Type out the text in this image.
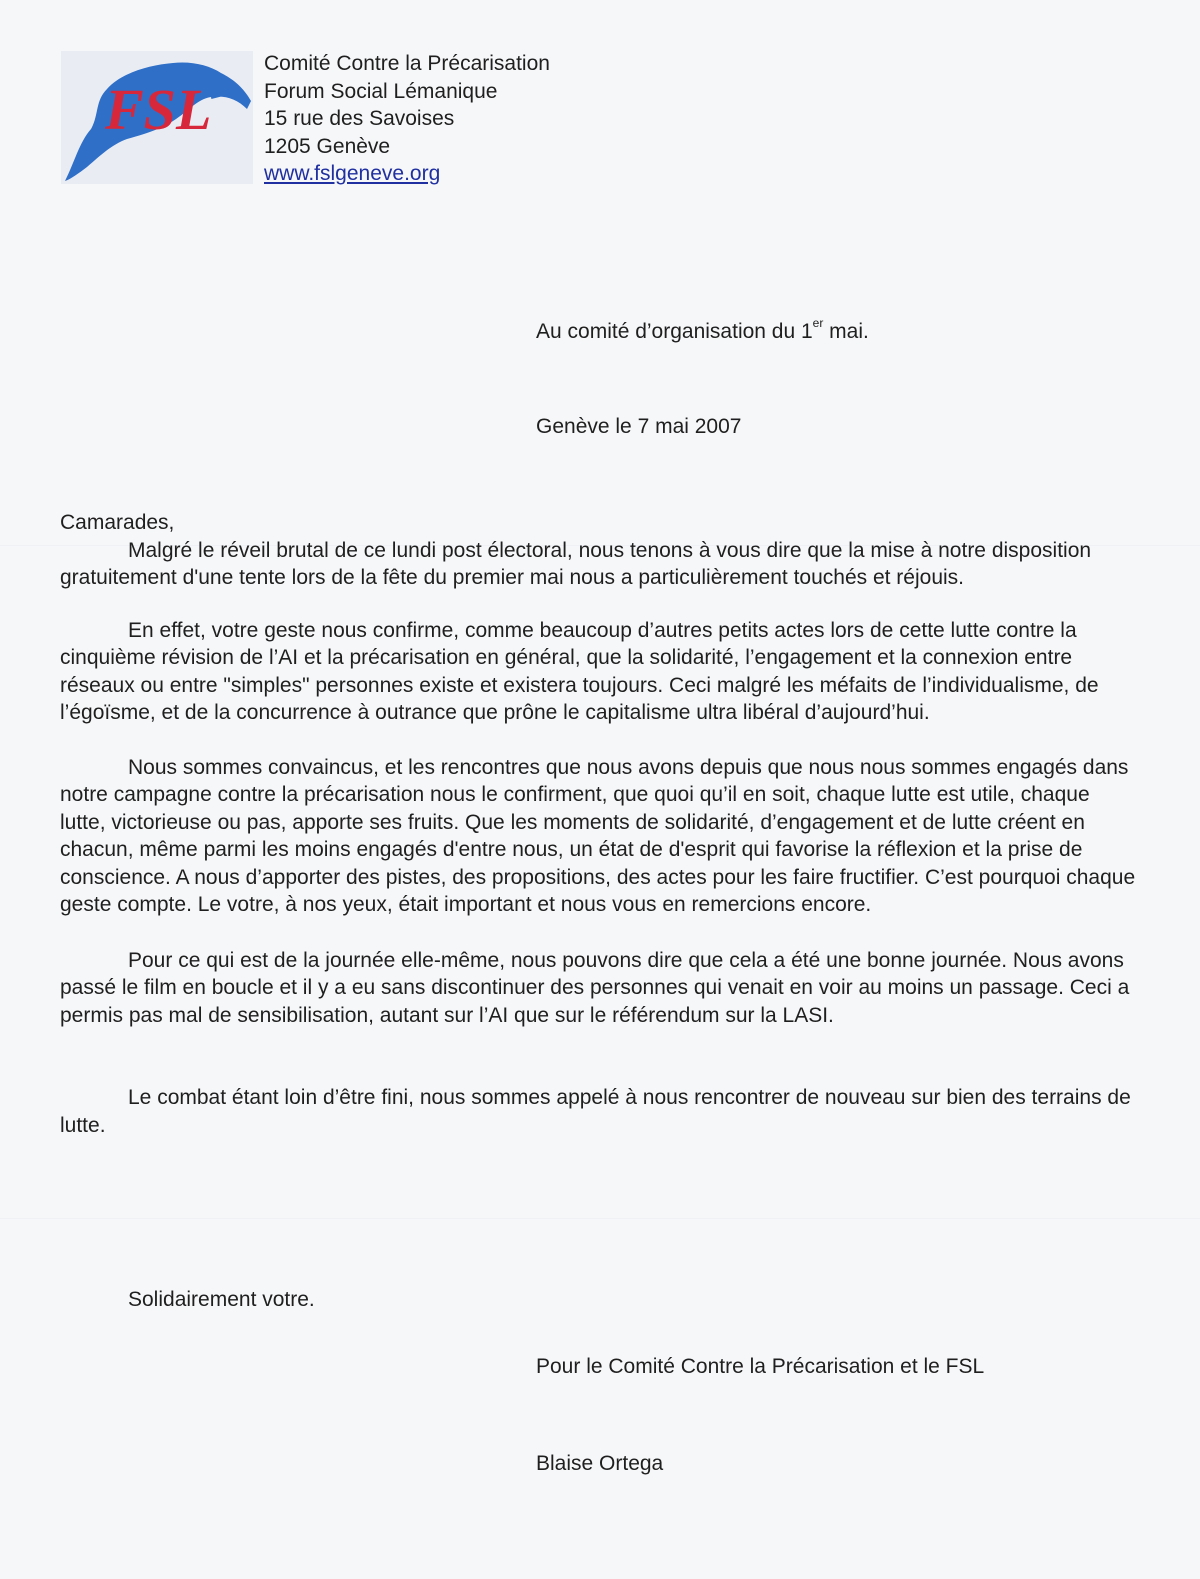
FSL
Comité Contre la Précarisation
Forum Social Lémanique
15 rue des Savoises
1205 Genève
www.fslgeneve.org
Au comité d’organisation du 1er mai.
Genève le 7 mai 2007

Camarades,

Malgré le réveil brutal de ce lundi post électoral, nous tenons à vous dire que la mise à notre disposition gratuitement d'une tente lors de la fête du premier mai nous a particulièrement touchés et réjouis.

En effet, votre geste nous confirme, comme beaucoup d’autres petits actes lors de cette lutte contre la cinquième révision de l’AI et la précarisation en général, que la solidarité, l’engagement et la connexion entre réseaux ou entre "simples" personnes existe et existera toujours. Ceci malgré les méfaits de l’individualisme, de l’égoïsme, et de la concurrence à outrance que prône le capitalisme ultra libéral d’aujourd’hui.

Nous sommes convaincus, et les rencontres que nous avons depuis que nous nous sommes engagés dans notre campagne contre la précarisation nous le confirment, que quoi qu’il en soit, chaque lutte est utile, chaque lutte, victorieuse ou pas, apporte ses fruits. Que les moments de solidarité, d’engagement et de lutte créent en chacun, même parmi les moins engagés d'entre nous, un état de d'esprit qui favorise la réflexion et la prise de conscience. A nous d’apporter des pistes, des propositions, des actes pour les faire fructifier. C’est pourquoi chaque geste compte. Le votre, à nos yeux, était important et nous vous en remercions encore.

Pour ce qui est de la journée elle-même, nous pouvons dire que cela a été une bonne journée. Nous avons passé le film en boucle et il y a eu sans discontinuer des personnes qui venait en voir au moins un passage. Ceci a permis pas mal de sensibilisation, autant sur l’AI que sur le référendum sur la LASI.

Le combat étant loin d’être fini, nous sommes appelé à nous rencontrer de nouveau sur bien des terrains de lutte.

Solidairement votre.
Pour le Comité Contre la Précarisation et le FSL
Blaise Ortega
